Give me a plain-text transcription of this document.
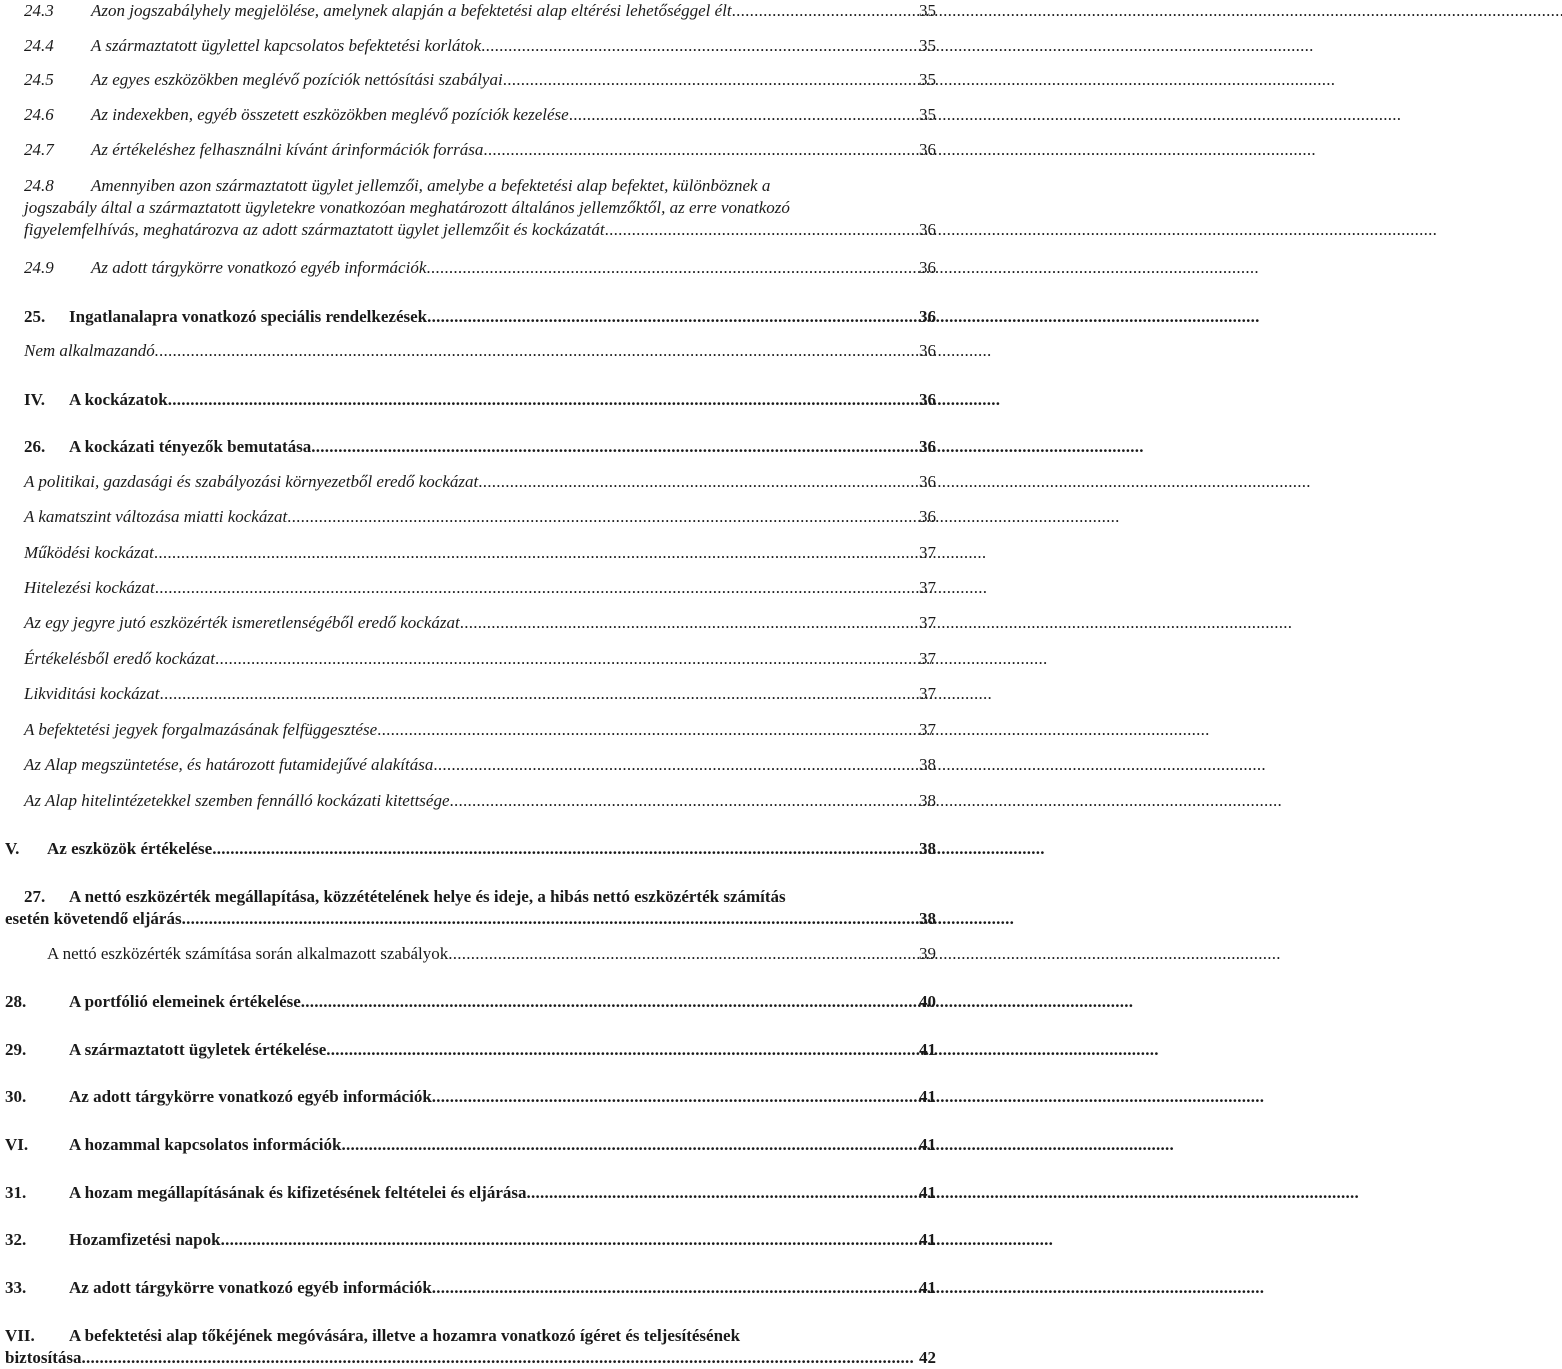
24.3	Azon jogszabályhely megjelölése, amelynek alapján a befektetési alap eltérési lehetőséggel élt . . .	35
24.4	A származtatott ügylettel kapcsolatos befektetési korlátok . . .	35
24.5	Az egyes eszközökben meglévő pozíciók nettósítási szabályai . . .	35
24.6	Az indexekben, egyéb összetett eszközökben meglévő pozíciók kezelése . . .	35
24.7	Az értékeléshez felhasználni kívánt árinformációk forrása . . .	36
24.8	Amennyiben azon származtatott ügylet jellemzői, amelybe a befektetési alap befektet, különböznek a
jogszabály által a származtatott ügyletekre vonatkozóan meghatározott általános jellemzőktől, az erre vonatkozó
figyelemfelhívás, meghatározva az adott származtatott ügylet jellemzőit és kockázatát . . .	36
24.9	Az adott tárgykörre vonatkozó egyéb információk . . .	36
25.	Ingatlanalapra vonatkozó speciális rendelkezések . . .	36
Nem alkalmazandó. . . .	36
IV.	A kockázatok . . .	36
26.	A kockázati tényezők bemutatása . . .	36
A politikai, gazdasági és szabályozási környezetből eredő kockázat . . .	36
A kamatszint változása miatti kockázat . . .	36
Működési kockázat . . .	37
Hitelezési kockázat . . .	37
Az egy jegyre jutó eszközérték ismeretlenségéből eredő kockázat . . .	37
Értékelésből eredő kockázat . . .	37
Likviditási kockázat . . .	37
A befektetési jegyek forgalmazásának felfüggesztése . . .	37
Az Alap megszüntetése, és határozott futamidejűvé alakítása . . .	38
Az Alap hitelintézetekkel szemben fennálló kockázati kitettsége . . .	38
V.	Az eszközök értékelése . . .	38
27.	A nettó eszközérték megállapítása, közzétételének helye és ideje, a hibás nettó eszközérték számítás
esetén követendő eljárás . . .	38
A nettó eszközérték számítása során alkalmazott szabályok . . .	39
28.	A portfólió elemeinek értékelése . . .	40
29.	A származtatott ügyletek értékelése . . .	41
30.	Az adott tárgykörre vonatkozó egyéb információk . . .	41
VI.	A hozammal kapcsolatos információk . . .	41
31.	A hozam megállapításának és kifizetésének feltételei és eljárása . . .	41
32.	Hozamfizetési napok . . .	41
33.	Az adott tárgykörre vonatkozó egyéb információk . . .	41
VII.	A befektetési alap tőkéjének megóvására, illetve a hozamra vonatkozó ígéret és teljesítésének
biztosítása . . .	42
